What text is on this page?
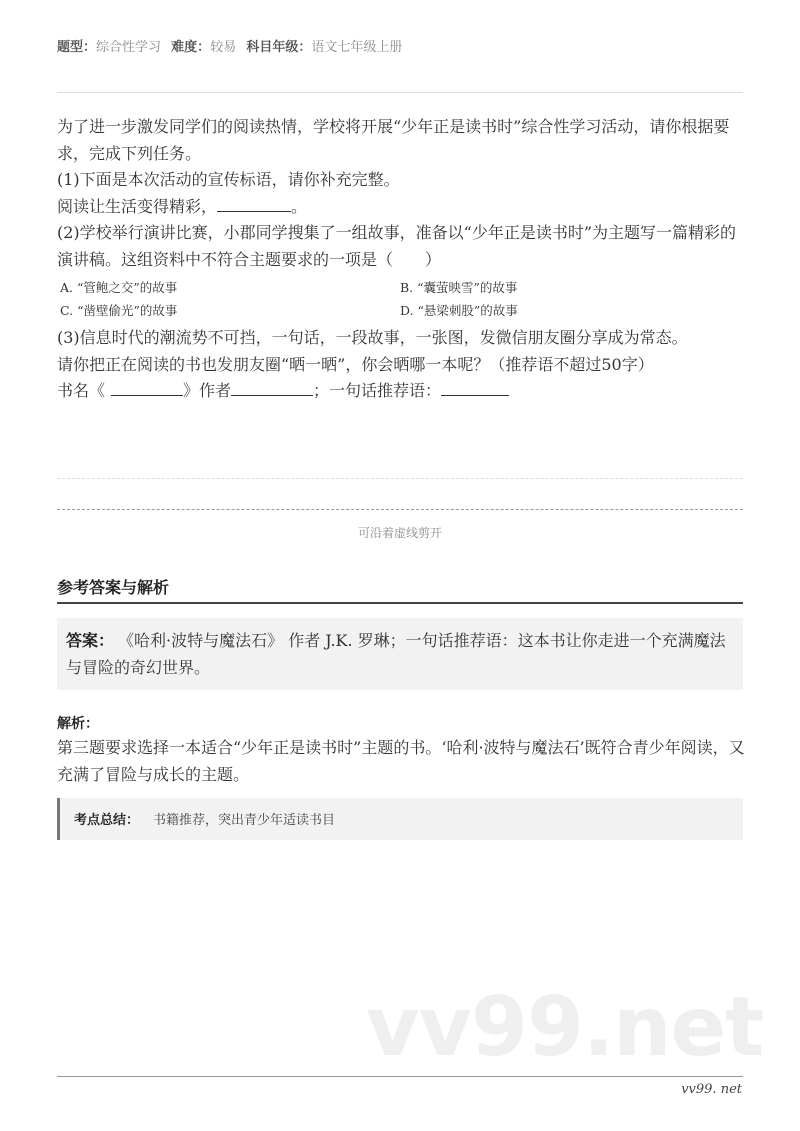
题型：综合性学习 难度：较易 科目年级：语文七年级上册

为了进一步激发同学们的阅读热情，学校将开展“少年正是读书时”综合性学习活动，请你根据要求，完成下列任务。

(1)下面是本次活动的宣传标语，请你补充完整。

阅读让生活变得精彩，	。

(2)学校举行演讲比赛，小郡同学搜集了一组故事，准备以“少年正是读书时”为主题写一篇精彩的演讲稿。这组资料中不符合主题要求的一项是（　　）

A. “管鲍之交”的故事	B. “囊萤映雪”的故事
C. “凿壁偷光”的故事	D. “悬梁刺股”的故事

(3)信息时代的潮流势不可挡，一句话，一段故事，一张图，发微信朋友圈分享成为常态。

请你把正在阅读的书也发朋友圈“晒一晒”，你会晒哪一本呢？（推荐语不超过50字）

书名《	》作者	；一句话推荐语：

可沿着虚线剪开
参考答案与解析
答案： 《哈利·波特与魔法石》 作者 J.K. 罗琳；一句话推荐语：这本书让你走进一个充满魔法与冒险的奇幻世界。
解析：
第三题要求选择一本适合“少年正是读书时”主题的书。‘哈利·波特与魔法石’既符合青少年阅读，又充满了冒险与成长的主题。
考点总结： 书籍推荐，突出青少年适读书目
vv99.net
vv99. net
